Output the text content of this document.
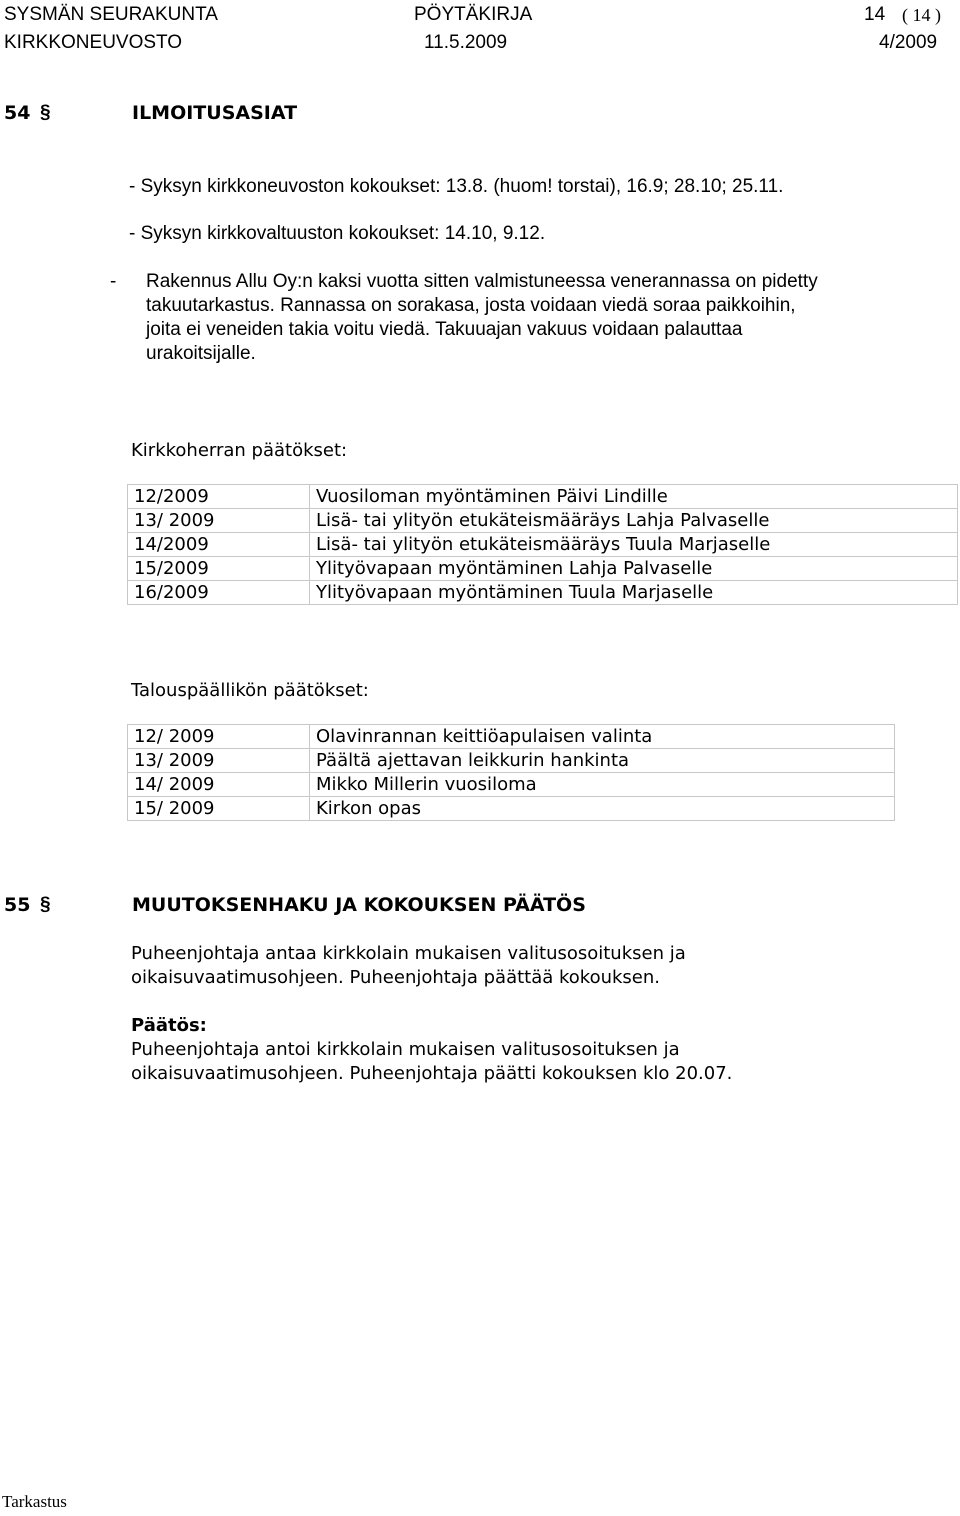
SYSMÄN SEURAKUNTA	PÖYTÄKIRJA	14 ( 14 )
KIRKKONEUVOSTO	11.5.2009	4/2009
54 §	ILMOITUSASIAT
- Syksyn kirkkoneuvoston kokoukset: 13.8. (huom! torstai), 16.9; 28.10; 25.11.
- Syksyn kirkkovaltuuston kokoukset: 14.10, 9.12.
- Rakennus Allu Oy:n kaksi vuotta sitten valmistuneessa venerannassa on pidetty
takuutarkastus. Rannassa on sorakasa, josta voidaan viedä soraa paikkoihin,
joita ei veneiden takia voitu viedä. Takuuajan vakuus voidaan palauttaa
urakoitsijalle.
Kirkkoherran päätökset:
12/2009	Vuosiloman myöntäminen Päivi Lindille
13/ 2009	Lisä- tai ylityön etukäteismääräys Lahja Palvaselle
14/2009	Lisä- tai ylityön etukäteismääräys Tuula Marjaselle
15/2009	Ylityövapaan myöntäminen Lahja Palvaselle
16/2009	Ylityövapaan myöntäminen Tuula Marjaselle
Talouspäällikön päätökset:
12/ 2009	Olavinrannan keittiöapulaisen valinta
13/ 2009	Päältä ajettavan leikkurin hankinta
14/ 2009	Mikko Millerin vuosiloma
15/ 2009	Kirkon opas
55 §	MUUTOKSENHAKU JA KOKOUKSEN PÄÄTÖS
Puheenjohtaja antaa kirkkolain mukaisen valitusosoituksen ja
oikaisuvaatimusohjeen. Puheenjohtaja päättää kokouksen.
Päätös:
Puheenjohtaja antoi kirkkolain mukaisen valitusosoituksen ja
oikaisuvaatimusohjeen. Puheenjohtaja päätti kokouksen klo 20.07.
Tarkastus
